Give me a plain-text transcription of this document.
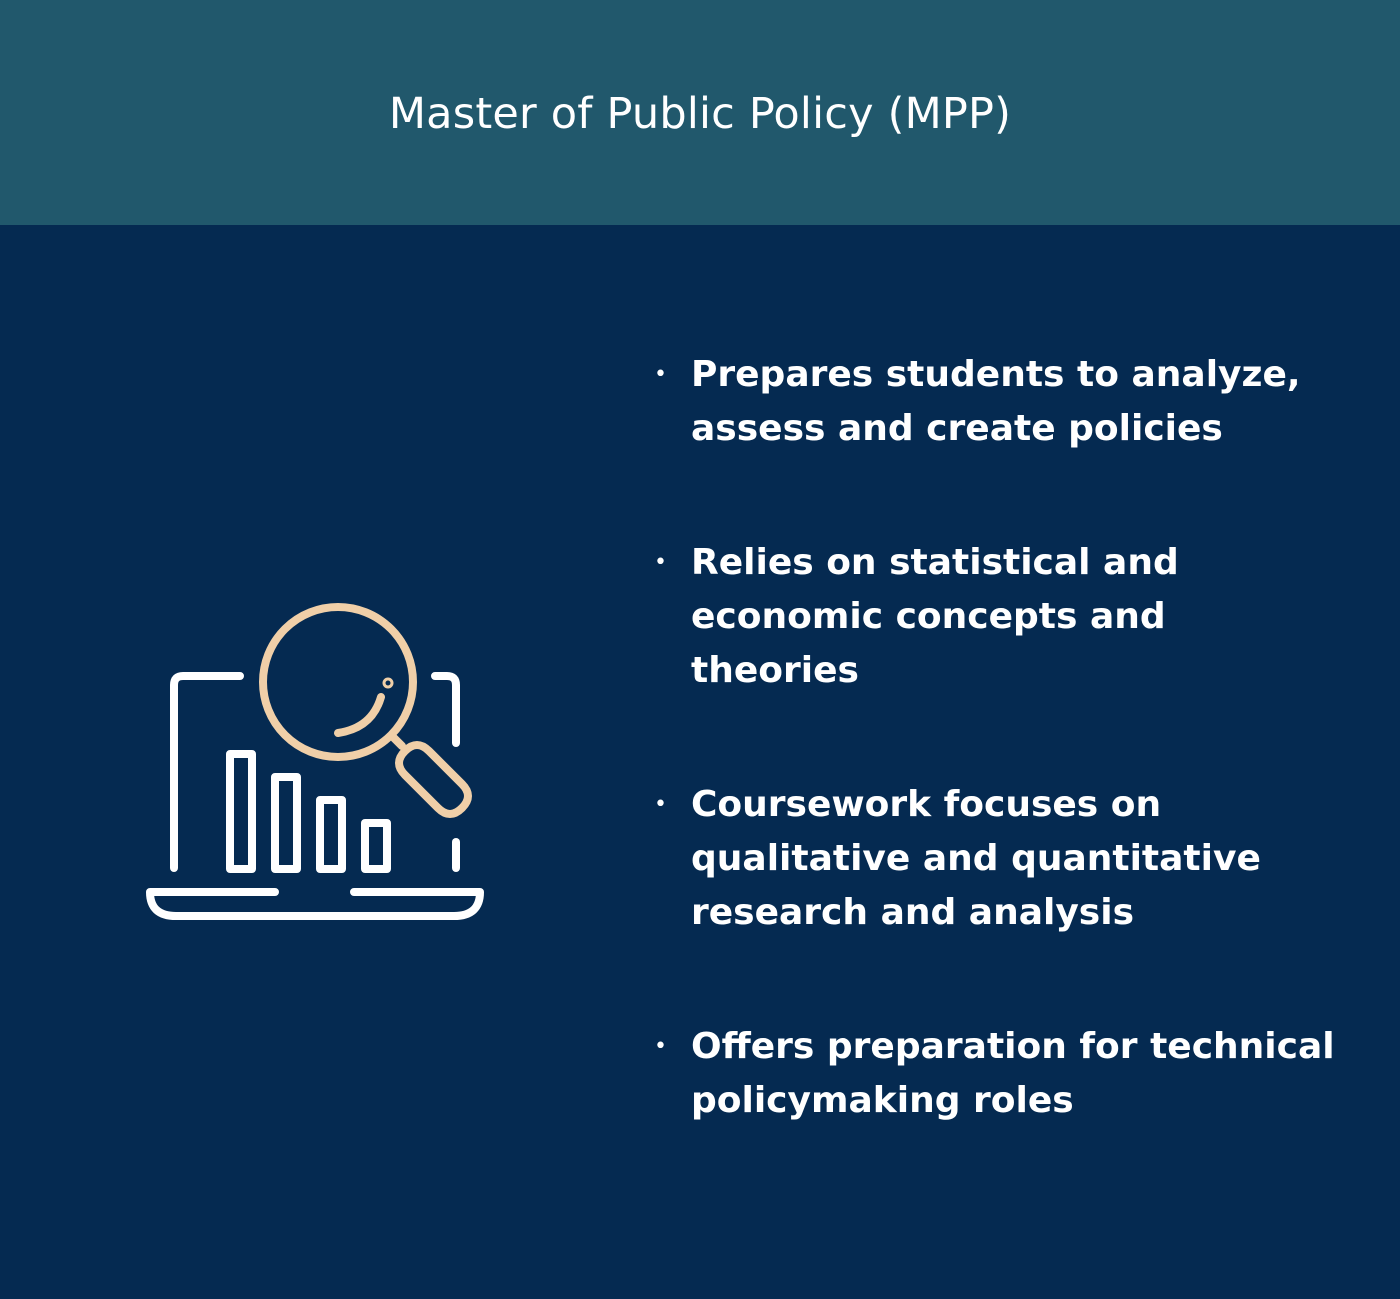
Master of Public Policy (MPP)
• Prepares students to analyze, assess and create policies
• Relies on statistical and economic concepts and theories
• Coursework focuses on qualitative and quantitative research and analysis
• Offers preparation for technical policymaking roles
